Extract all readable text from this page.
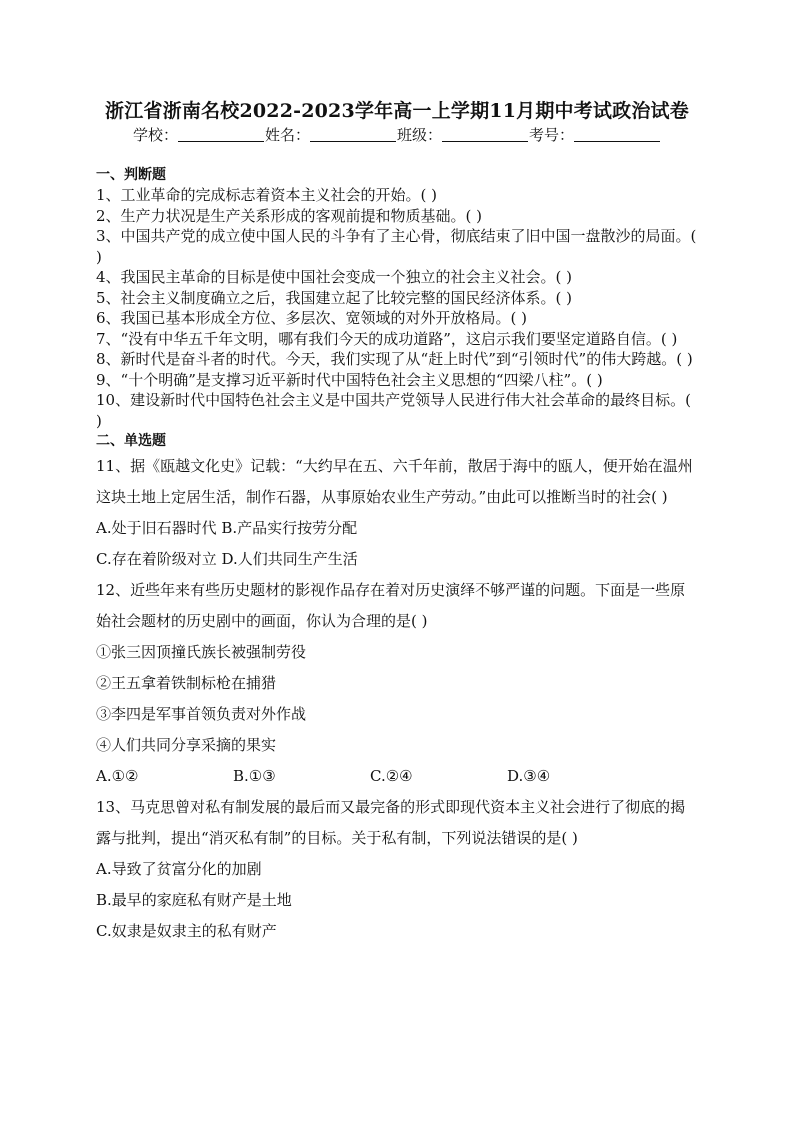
浙江省浙南名校2022-2023学年高一上学期11月期中考试政治试卷
学校：	姓名：	班级：	考号：
一、判断题

1、工业革命的完成标志着资本主义社会的开始。( )

2、生产力状况是生产关系形成的客观前提和物质基础。( )

3、中国共产党的成立使中国人民的斗争有了主心骨，彻底结束了旧中国一盘散沙的局面。( )

4、我国民主革命的目标是使中国社会变成一个独立的社会主义社会。( )

5、社会主义制度确立之后，我国建立起了比较完整的国民经济体系。( )

6、我国已基本形成全方位、多层次、宽领域的对外开放格局。( )

7、“没有中华五千年文明，哪有我们今天的成功道路”，这启示我们要坚定道路自信。( )

8、新时代是奋斗者的时代。今天，我们实现了从“赶上时代”到“引领时代”的伟大跨越。( )

9、“十个明确”是支撑习近平新时代中国特色社会主义思想的“四梁八柱”。( )

10、建设新时代中国特色社会主义是中国共产党领导人民进行伟大社会革命的最终目标。( )

二、单选题

11、据《瓯越文化史》记载：“大约早在五、六千年前，散居于海中的瓯人，便开始在温州这块土地上定居生活，制作石器，从事原始农业生产劳动。”由此可以推断当时的社会( )

A.处于旧石器时代 B.产品实行按劳分配

C.存在着阶级对立 D.人们共同生产生活

12、近些年来有些历史题材的影视作品存在着对历史演绎不够严谨的问题。下面是一些原始社会题材的历史剧中的画面，你认为合理的是( )

①张三因顶撞氏族长被强制劳役

②王五拿着铁制标枪在捕猎

③李四是军事首领负责对外作战

④人们共同分享采摘的果实

A.①②	B.①③	C.②④	D.③④

13、马克思曾对私有制发展的最后而又最完备的形式即现代资本主义社会进行了彻底的揭露与批判，提出“消灭私有制”的目标。关于私有制，下列说法错误的是( )

A.导致了贫富分化的加剧

B.最早的家庭私有财产是土地

C.奴隶是奴隶主的私有财产
